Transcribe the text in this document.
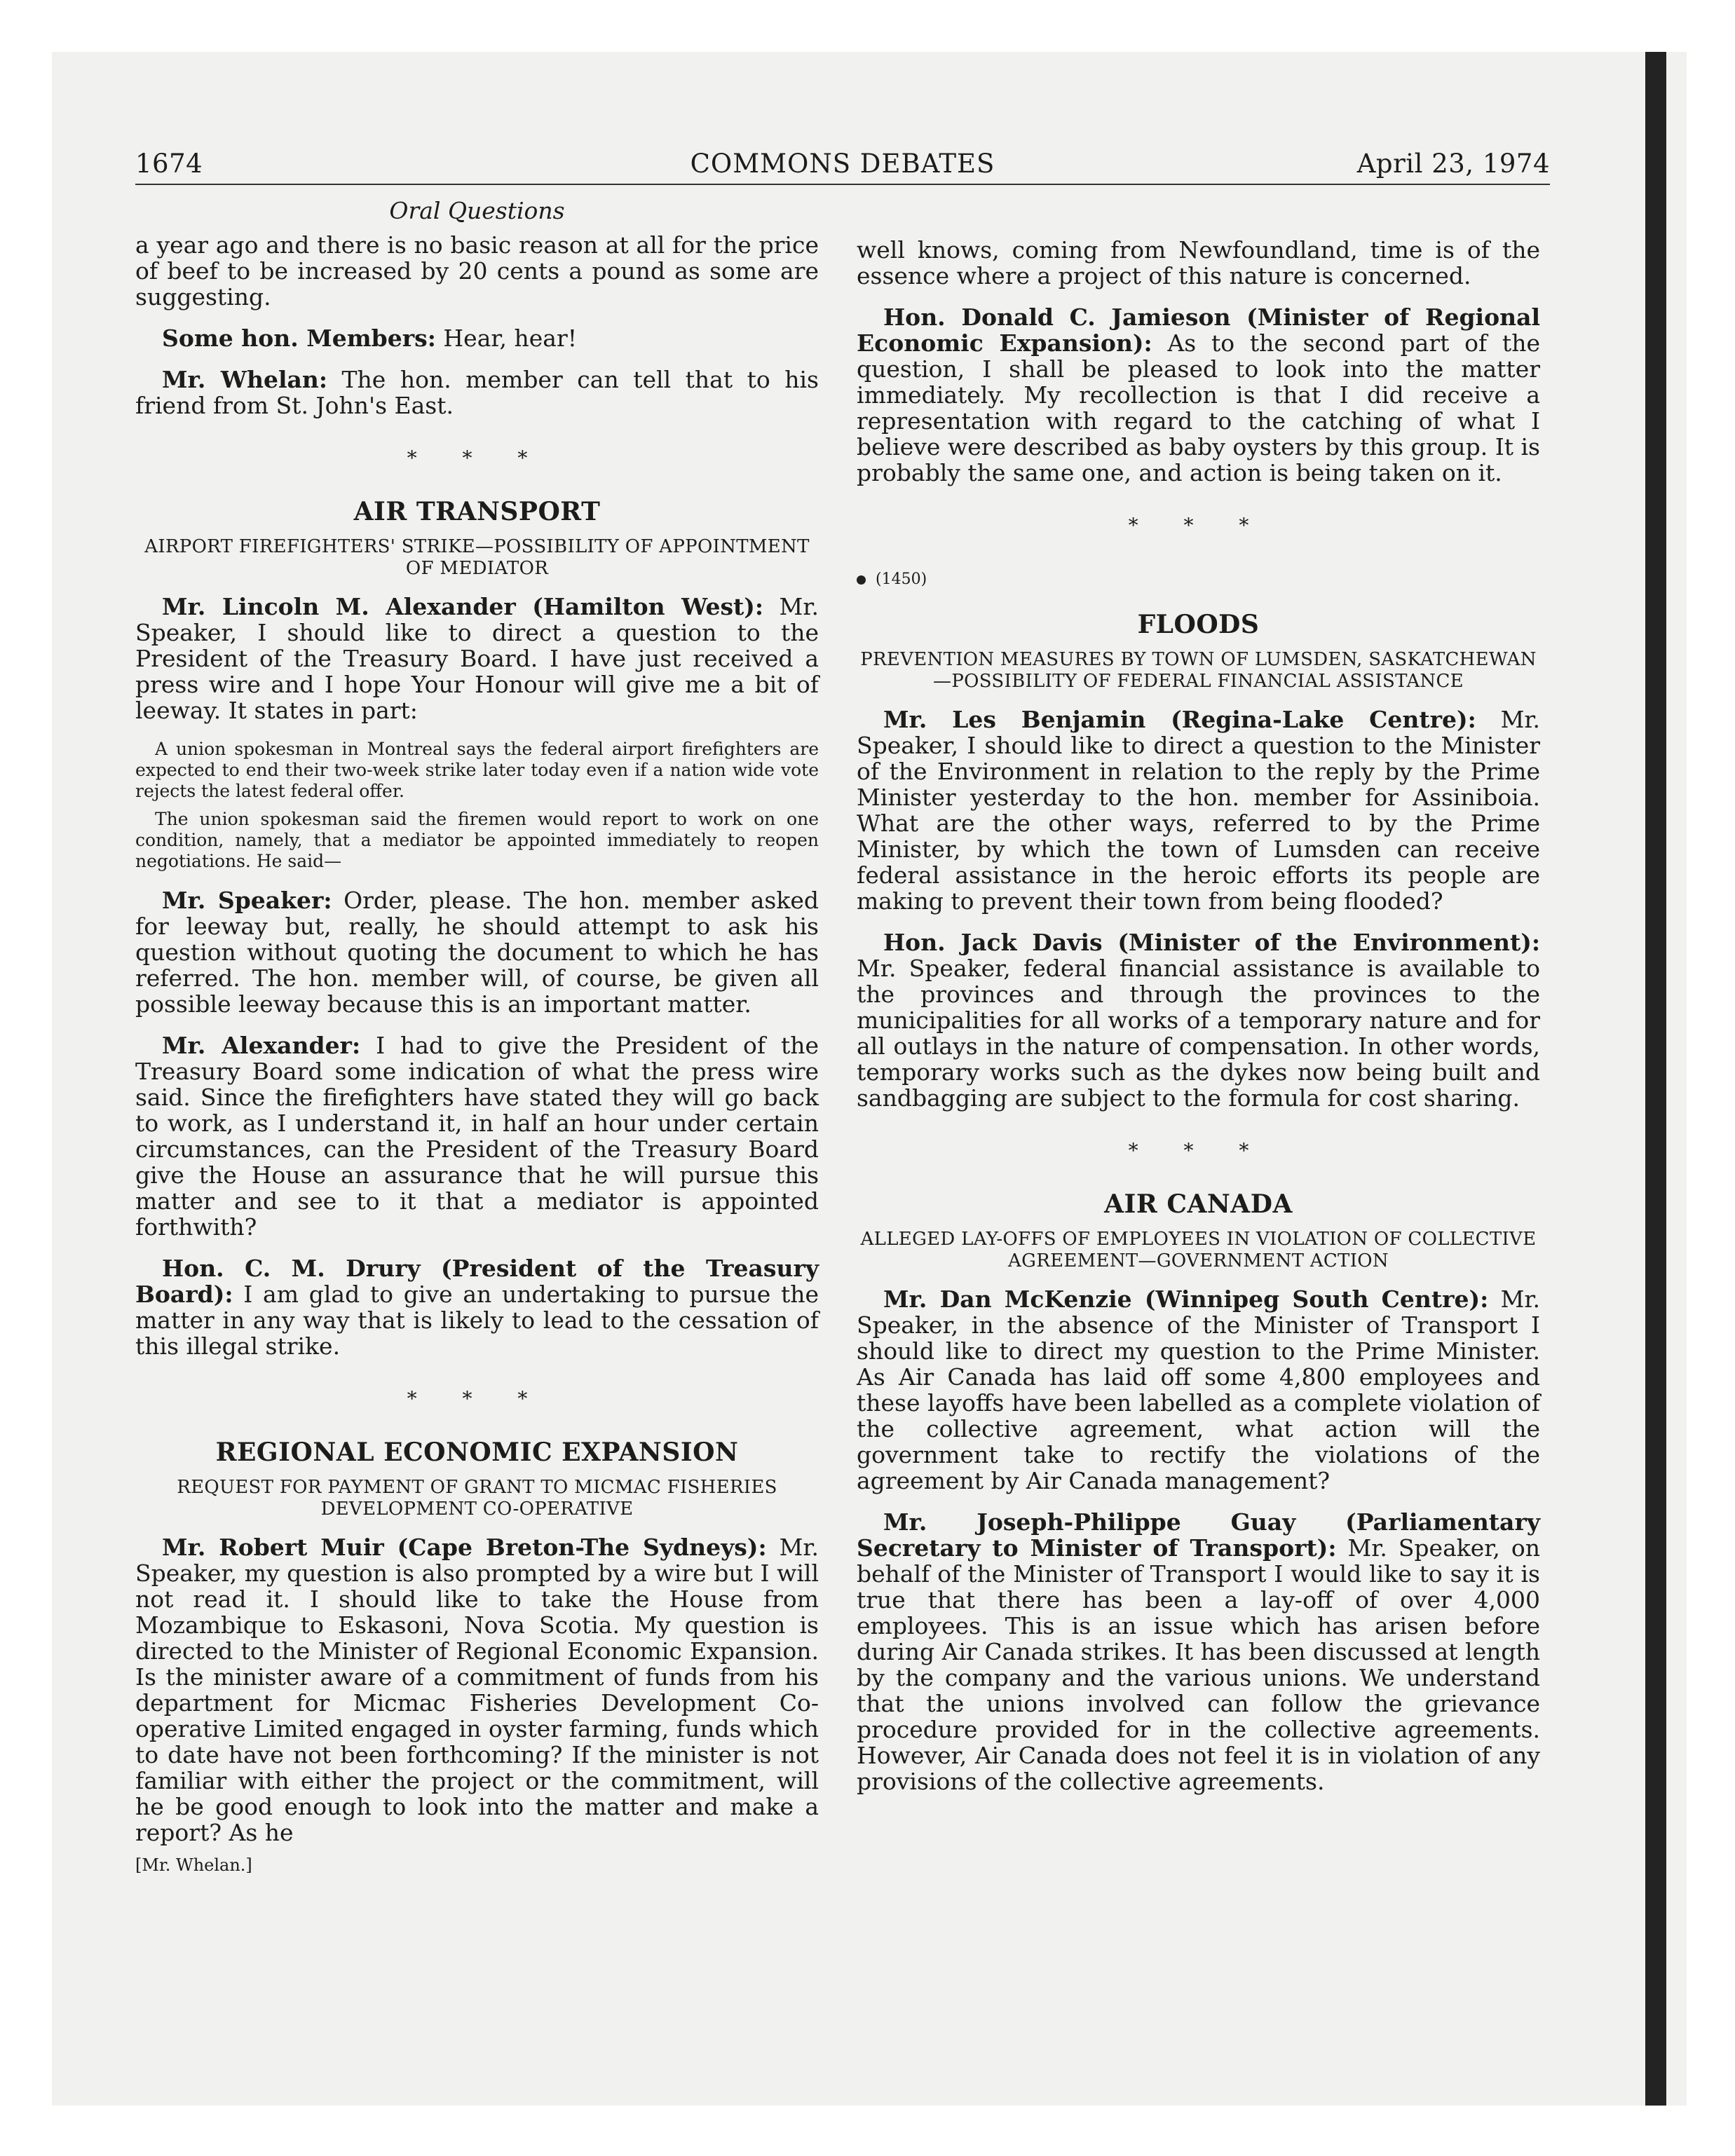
1674	COMMONS DEBATES	April 23, 1974
Oral Questions

a year ago and there is no basic reason at all for the price of beef to be increased by 20 cents a pound as some are suggesting.

Some hon. Members: Hear, hear!

Mr. Whelan: The hon. member can tell that to his friend from St. John's East.

* * *
AIR TRANSPORT
AIRPORT FIREFIGHTERS' STRIKE—POSSIBILITY OF APPOINTMENT OF MEDIATOR

Mr. Lincoln M. Alexander (Hamilton West): Mr. Speaker, I should like to direct a question to the President of the Treasury Board. I have just received a press wire and I hope Your Honour will give me a bit of leeway. It states in part:

A union spokesman in Montreal says the federal airport firefighters are expected to end their two-week strike later today even if a nation wide vote rejects the latest federal offer.
The union spokesman said the firemen would report to work on one condition, namely, that a mediator be appointed immediately to reopen negotiations. He said—

Mr. Speaker: Order, please. The hon. member asked for leeway but, really, he should attempt to ask his question without quoting the document to which he has referred. The hon. member will, of course, be given all possible leeway because this is an important matter.

Mr. Alexander: I had to give the President of the Treasury Board some indication of what the press wire said. Since the firefighters have stated they will go back to work, as I understand it, in half an hour under certain circumstances, can the President of the Treasury Board give the House an assurance that he will pursue this matter and see to it that a mediator is appointed forthwith?

Hon. C. M. Drury (President of the Treasury Board): I am glad to give an undertaking to pursue the matter in any way that is likely to lead to the cessation of this illegal strike.

* * *
REGIONAL ECONOMIC EXPANSION
REQUEST FOR PAYMENT OF GRANT TO MICMAC FISHERIES DEVELOPMENT CO-OPERATIVE

Mr. Robert Muir (Cape Breton-The Sydneys): Mr. Speaker, my question is also prompted by a wire but I will not read it. I should like to take the House from Mozambique to Eskasoni, Nova Scotia. My question is directed to the Minister of Regional Economic Expansion. Is the minister aware of a commitment of funds from his department for Micmac Fisheries Development Co-operative Limited engaged in oyster farming, funds which to date have not been forthcoming? If the minister is not familiar with either the project or the commitment, will he be good enough to look into the matter and make a report? As he

[Mr. Whelan.]

well knows, coming from Newfoundland, time is of the essence where a project of this nature is concerned.

Hon. Donald C. Jamieson (Minister of Regional Economic Expansion): As to the second part of the question, I shall be pleased to look into the matter immediately. My recollection is that I did receive a representation with regard to the catching of what I believe were described as baby oysters by this group. It is probably the same one, and action is being taken on it.

* * *
(1450)
FLOODS
PREVENTION MEASURES BY TOWN OF LUMSDEN, SASKATCHEWAN—POSSIBILITY OF FEDERAL FINANCIAL ASSISTANCE

Mr. Les Benjamin (Regina-Lake Centre): Mr. Speaker, I should like to direct a question to the Minister of the Environment in relation to the reply by the Prime Minister yesterday to the hon. member for Assiniboia. What are the other ways, referred to by the Prime Minister, by which the town of Lumsden can receive federal assistance in the heroic efforts its people are making to prevent their town from being flooded?

Hon. Jack Davis (Minister of the Environment): Mr. Speaker, federal financial assistance is available to the provinces and through the provinces to the municipalities for all works of a temporary nature and for all outlays in the nature of compensation. In other words, temporary works such as the dykes now being built and sandbagging are subject to the formula for cost sharing.

* * *
AIR CANADA
ALLEGED LAY-OFFS OF EMPLOYEES IN VIOLATION OF COLLECTIVE AGREEMENT—GOVERNMENT ACTION

Mr. Dan McKenzie (Winnipeg South Centre): Mr. Speaker, in the absence of the Minister of Transport I should like to direct my question to the Prime Minister. As Air Canada has laid off some 4,800 employees and these layoffs have been labelled as a complete violation of the collective agreement, what action will the government take to rectify the violations of the agreement by Air Canada management?

Mr. Joseph-Philippe Guay (Parliamentary Secretary to Minister of Transport): Mr. Speaker, on behalf of the Minister of Transport I would like to say it is true that there has been a lay-off of over 4,000 employees. This is an issue which has arisen before during Air Canada strikes. It has been discussed at length by the company and the various unions. We understand that the unions involved can follow the grievance procedure provided for in the collective agreements. However, Air Canada does not feel it is in violation of any provisions of the collective agreements.
